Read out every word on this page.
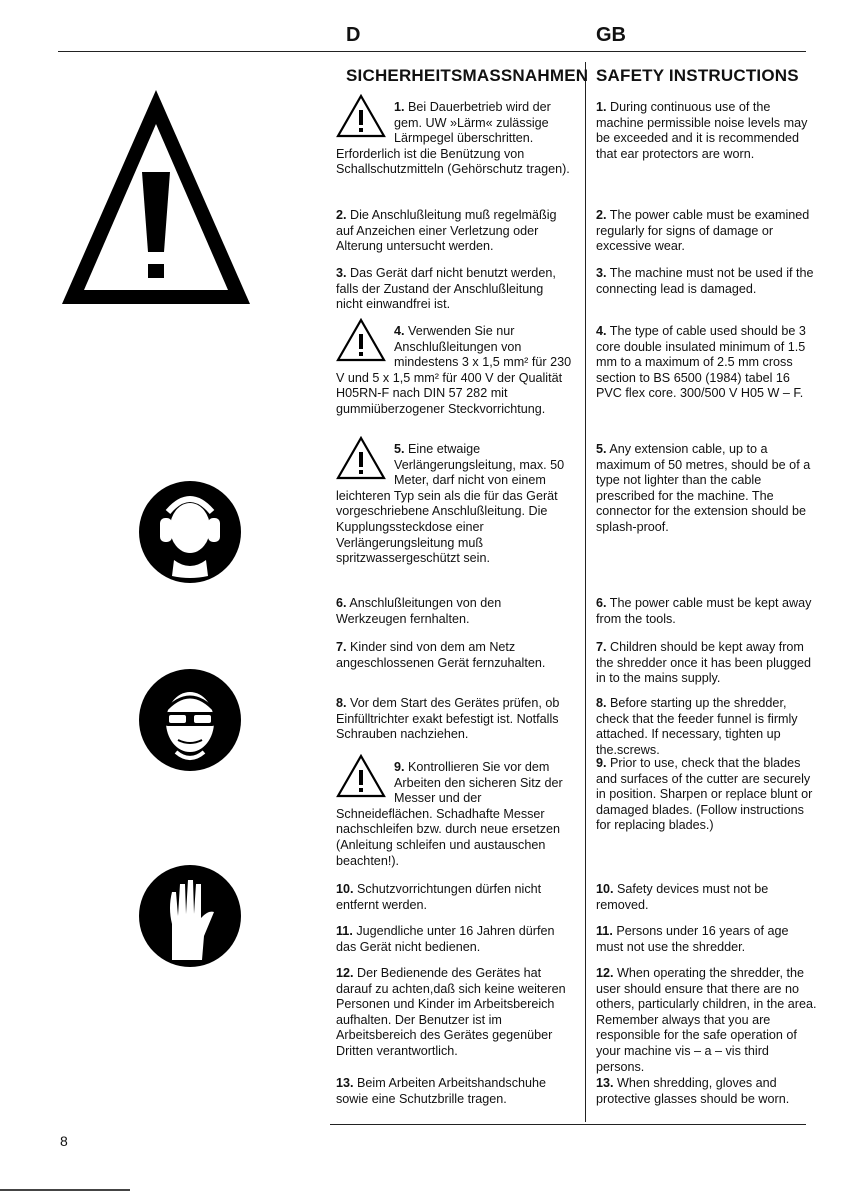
D	GB
SICHERHEITSMASSNAHMEN
1. Bei Dauerbetrieb wird der gem. UW »Lärm« zulässige Lärmpegel überschritten. Erforderlich ist die Benützung von Schallschutzmitteln (Gehörschutz tragen).
2. Die Anschlußleitung muß regelmäßig auf Anzeichen einer Verletzung oder Alterung untersucht werden.
3. Das Gerät darf nicht benutzt werden, falls der Zustand der Anschlußleitung nicht einwandfrei ist.
4. Verwenden Sie nur Anschlußleitungen von mindestens 3 x 1,5 mm² für 230 V und 5 x 1,5 mm² für 400 V der Qualität H05RN-F nach DIN 57 282 mit gummiüberzogener Steckvorrichtung.
5. Eine etwaige Verlängerungsleitung, max. 50 Meter, darf nicht von einem leichteren Typ sein als die für das Gerät vorgeschriebene Anschlußleitung. Die Kupplungssteckdose einer Verlängerungsleitung muß spritzwassergeschützt sein.
6. Anschlußleitungen von den Werkzeugen fernhalten.
7. Kinder sind von dem am Netz angeschlossenen Gerät fernzuhalten.
8. Vor dem Start des Gerätes prüfen, ob Einfülltrichter exakt befestigt ist. Notfalls Schrauben nachziehen.
9. Kontrollieren Sie vor dem Arbeiten den sicheren Sitz der Messer und der Schneideflächen. Schadhafte Messer nachschleifen bzw. durch neue ersetzen (Anleitung schleifen und austauschen beachten!).
10. Schutzvorrichtungen dürfen nicht entfernt werden.
11. Jugendliche unter 16 Jahren dürfen das Gerät nicht bedienen.
12. Der Bedienende des Gerätes hat darauf zu achten,daß sich keine weiteren Personen und Kinder im Arbeitsbereich aufhalten. Der Benutzer ist im Arbeitsbereich des Gerätes gegenüber Dritten verantwortlich.
13. Beim Arbeiten Arbeitshandschuhe sowie eine Schutzbrille tragen.
SAFETY INSTRUCTIONS
1. During continuous use of the machine permissible noise levels may be exceeded and it is recommended that ear protectors are worn.
2. The power cable must be examined regularly for signs of damage or excessive wear.
3. The machine must not be used if the connecting lead is damaged.
4. The type of cable used should be 3 core double insulated minimum of 1.5 mm to a maximum of 2.5 mm cross section to BS 6500 (1984) tabel 16 PVC flex core. 300/500 V H05 W – F.
5. Any extension cable, up to a maximum of 50 metres, should be of a type not lighter than the cable prescribed for the machine. The connector for the extension should be splash-proof.
6. The power cable must be kept away from the tools.
7. Children should be kept away from the shredder once it has been plugged in to the mains supply.
8. Before starting up the shredder, check that the feeder funnel is firmly attached. If necessary, tighten up the.screws.
9. Prior to use, check that the blades and surfaces of the cutter are securely in position. Sharpen or replace blunt or damaged blades. (Follow instructions for replacing blades.)
10. Safety devices must not be removed.
11. Persons under 16 years of age must not use the shredder.
12. When operating the shredder, the user should ensure that there are no others, particularly children, in the area. Remember always that you are responsible for the safe operation of your machine vis – a – vis third persons.
13. When shredding, gloves and protective glasses should be worn.
8
